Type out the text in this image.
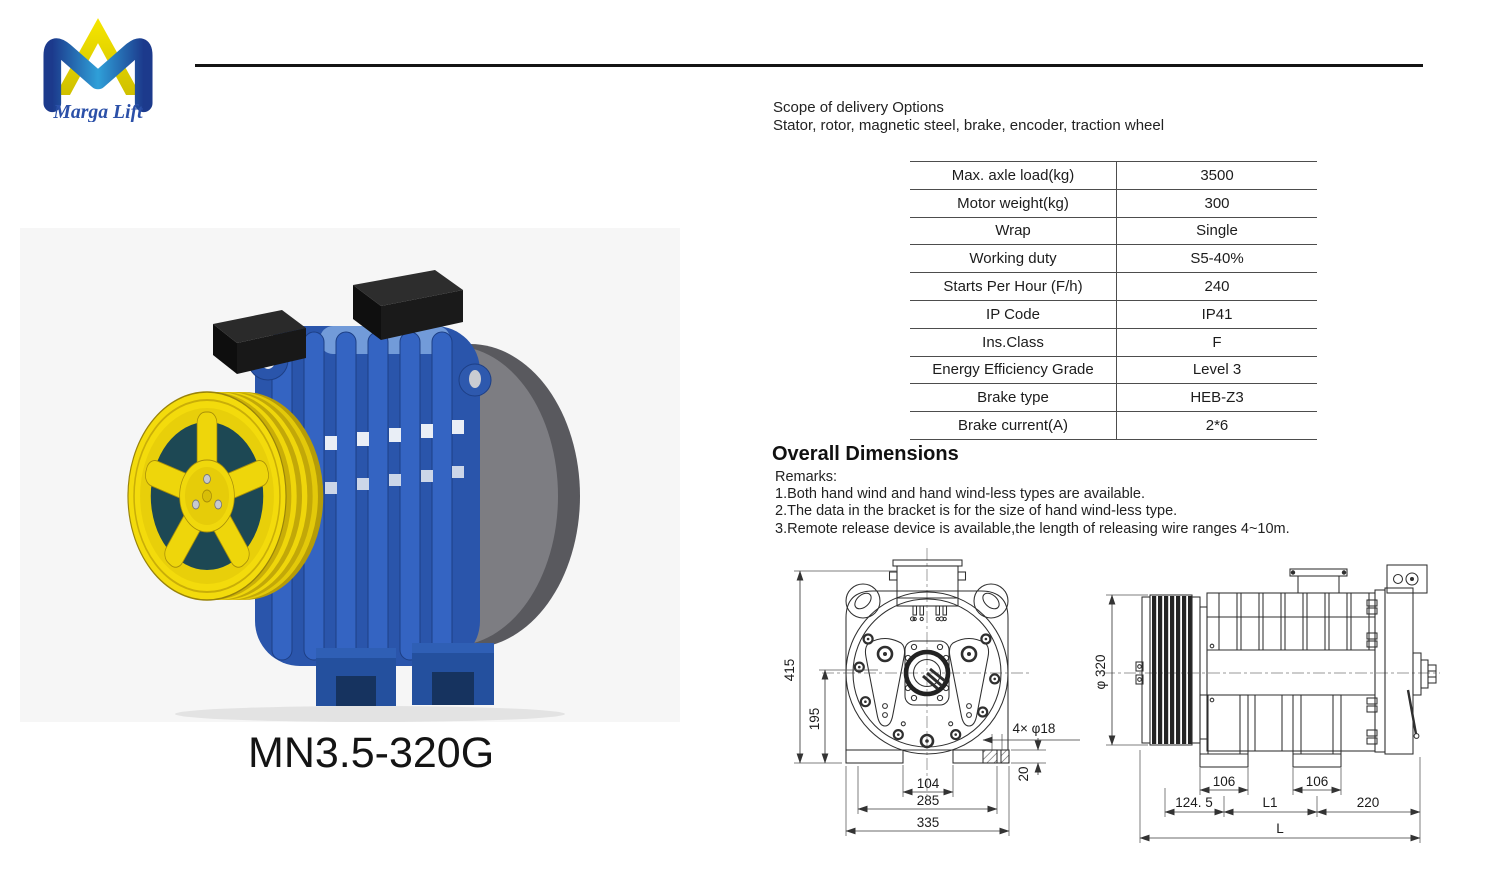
Marga Lift	Scope of delivery Options
Stator, rotor, magnetic steel, brake, encoder, traction wheel
Max. axle load(kg)	3500
Motor weight(kg)	300
Wrap	Single
Working duty	S5-40%
Starts Per Hour (F/h)	240
IP Code	IP41
Ins.Class	F
Energy Efficiency Grade	Level 3
Brake type	HEB-Z3
Brake current(A)	2*6
Overall Dimensions
Remarks:
1.Both hand wind and hand wind-less types are available.
2.The data in the bracket is for the size of hand wind-less type.
3.Remote release device is available,the length of releasing wire ranges 4~10m.
MN3.5-320G
415
195
104
285
335
4× φ18
20
φ 320
106	106
124. 5	L1	220
L
